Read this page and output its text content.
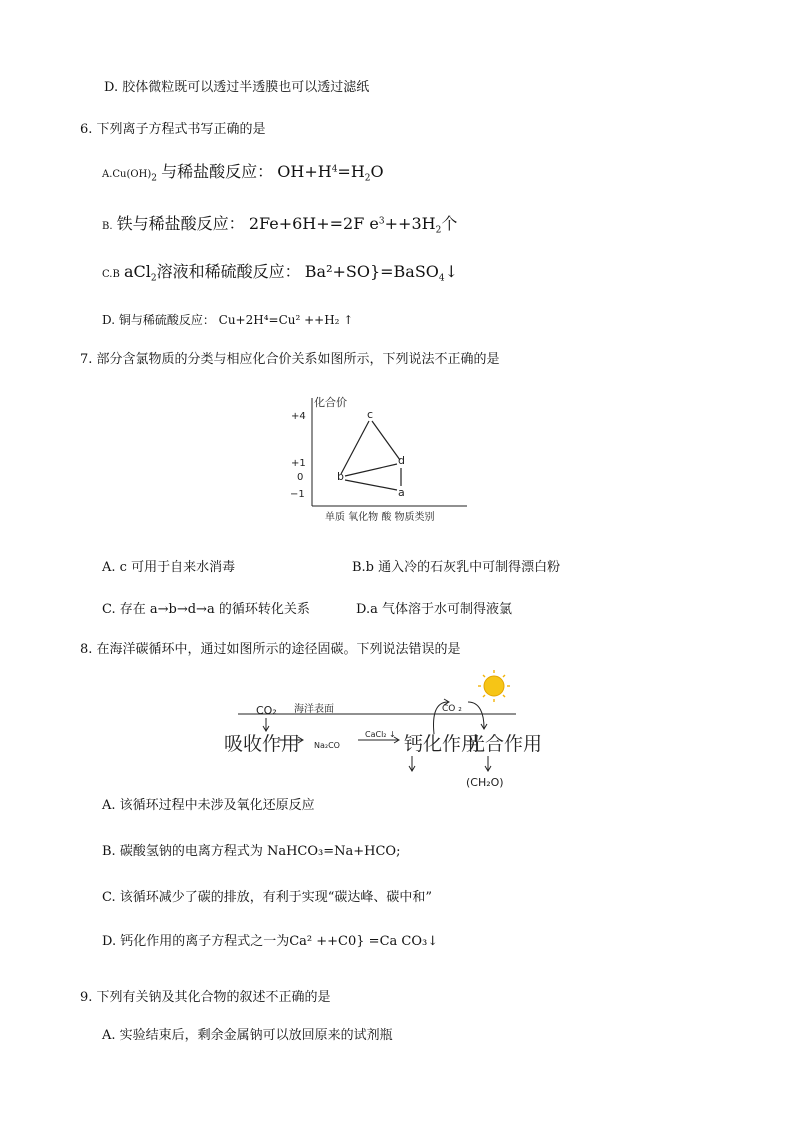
D. 胶体微粒既可以透过半透膜也可以透过滤纸
6. 下列离子方程式书写正确的是
$A.Cu(OH)_2$ 与稀盐酸反应： $OH+H^4=H_2O$
B. 铁与稀盐酸反应： 2Fe+6H+=2F $e^3++3H_2$个
C.B aCl$_2$溶液和稀硫酸反应： Ba²+SO}=BaSO$_4$↓
D. 铜与稀硫酸反应： Cu+2H⁴=Cu² ++H₂ ↑
7. 部分含氯物质的分类与相应化合价关系如图所示，下列说法不正确的是
化合价
+4
+1
0
−1
c
b
d
a
单质 氧化物 酸 物质类别
A. c 可用于自来水消毒	B.b 通入冷的石灰乳中可制得漂白粉
C. 存在 a→b→d→a 的循环转化关系	D.a 气体溶于水可制得液氯
8. 在海洋碳循环中，通过如图所示的途径固碳。下列说法错误的是
CO₂ 海洋表面	CO ₂
吸收作用 Na₂CO
CaCl₂ ↓ 钙化作用
光合作用
(CH₂O)
A. 该循环过程中未涉及氧化还原反应
B. 碳酸氢钠的电离方程式为 NaHCO₃=Na+HCO;
C. 该循环减少了碳的排放，有利于实现“碳达峰、碳中和”
D. 钙化作用的离子方程式之一为Ca² ++C0} =Ca CO₃↓
9. 下列有关钠及其化合物的叙述不正确的是
A. 实验结束后，剩余金属钠可以放回原来的试剂瓶
